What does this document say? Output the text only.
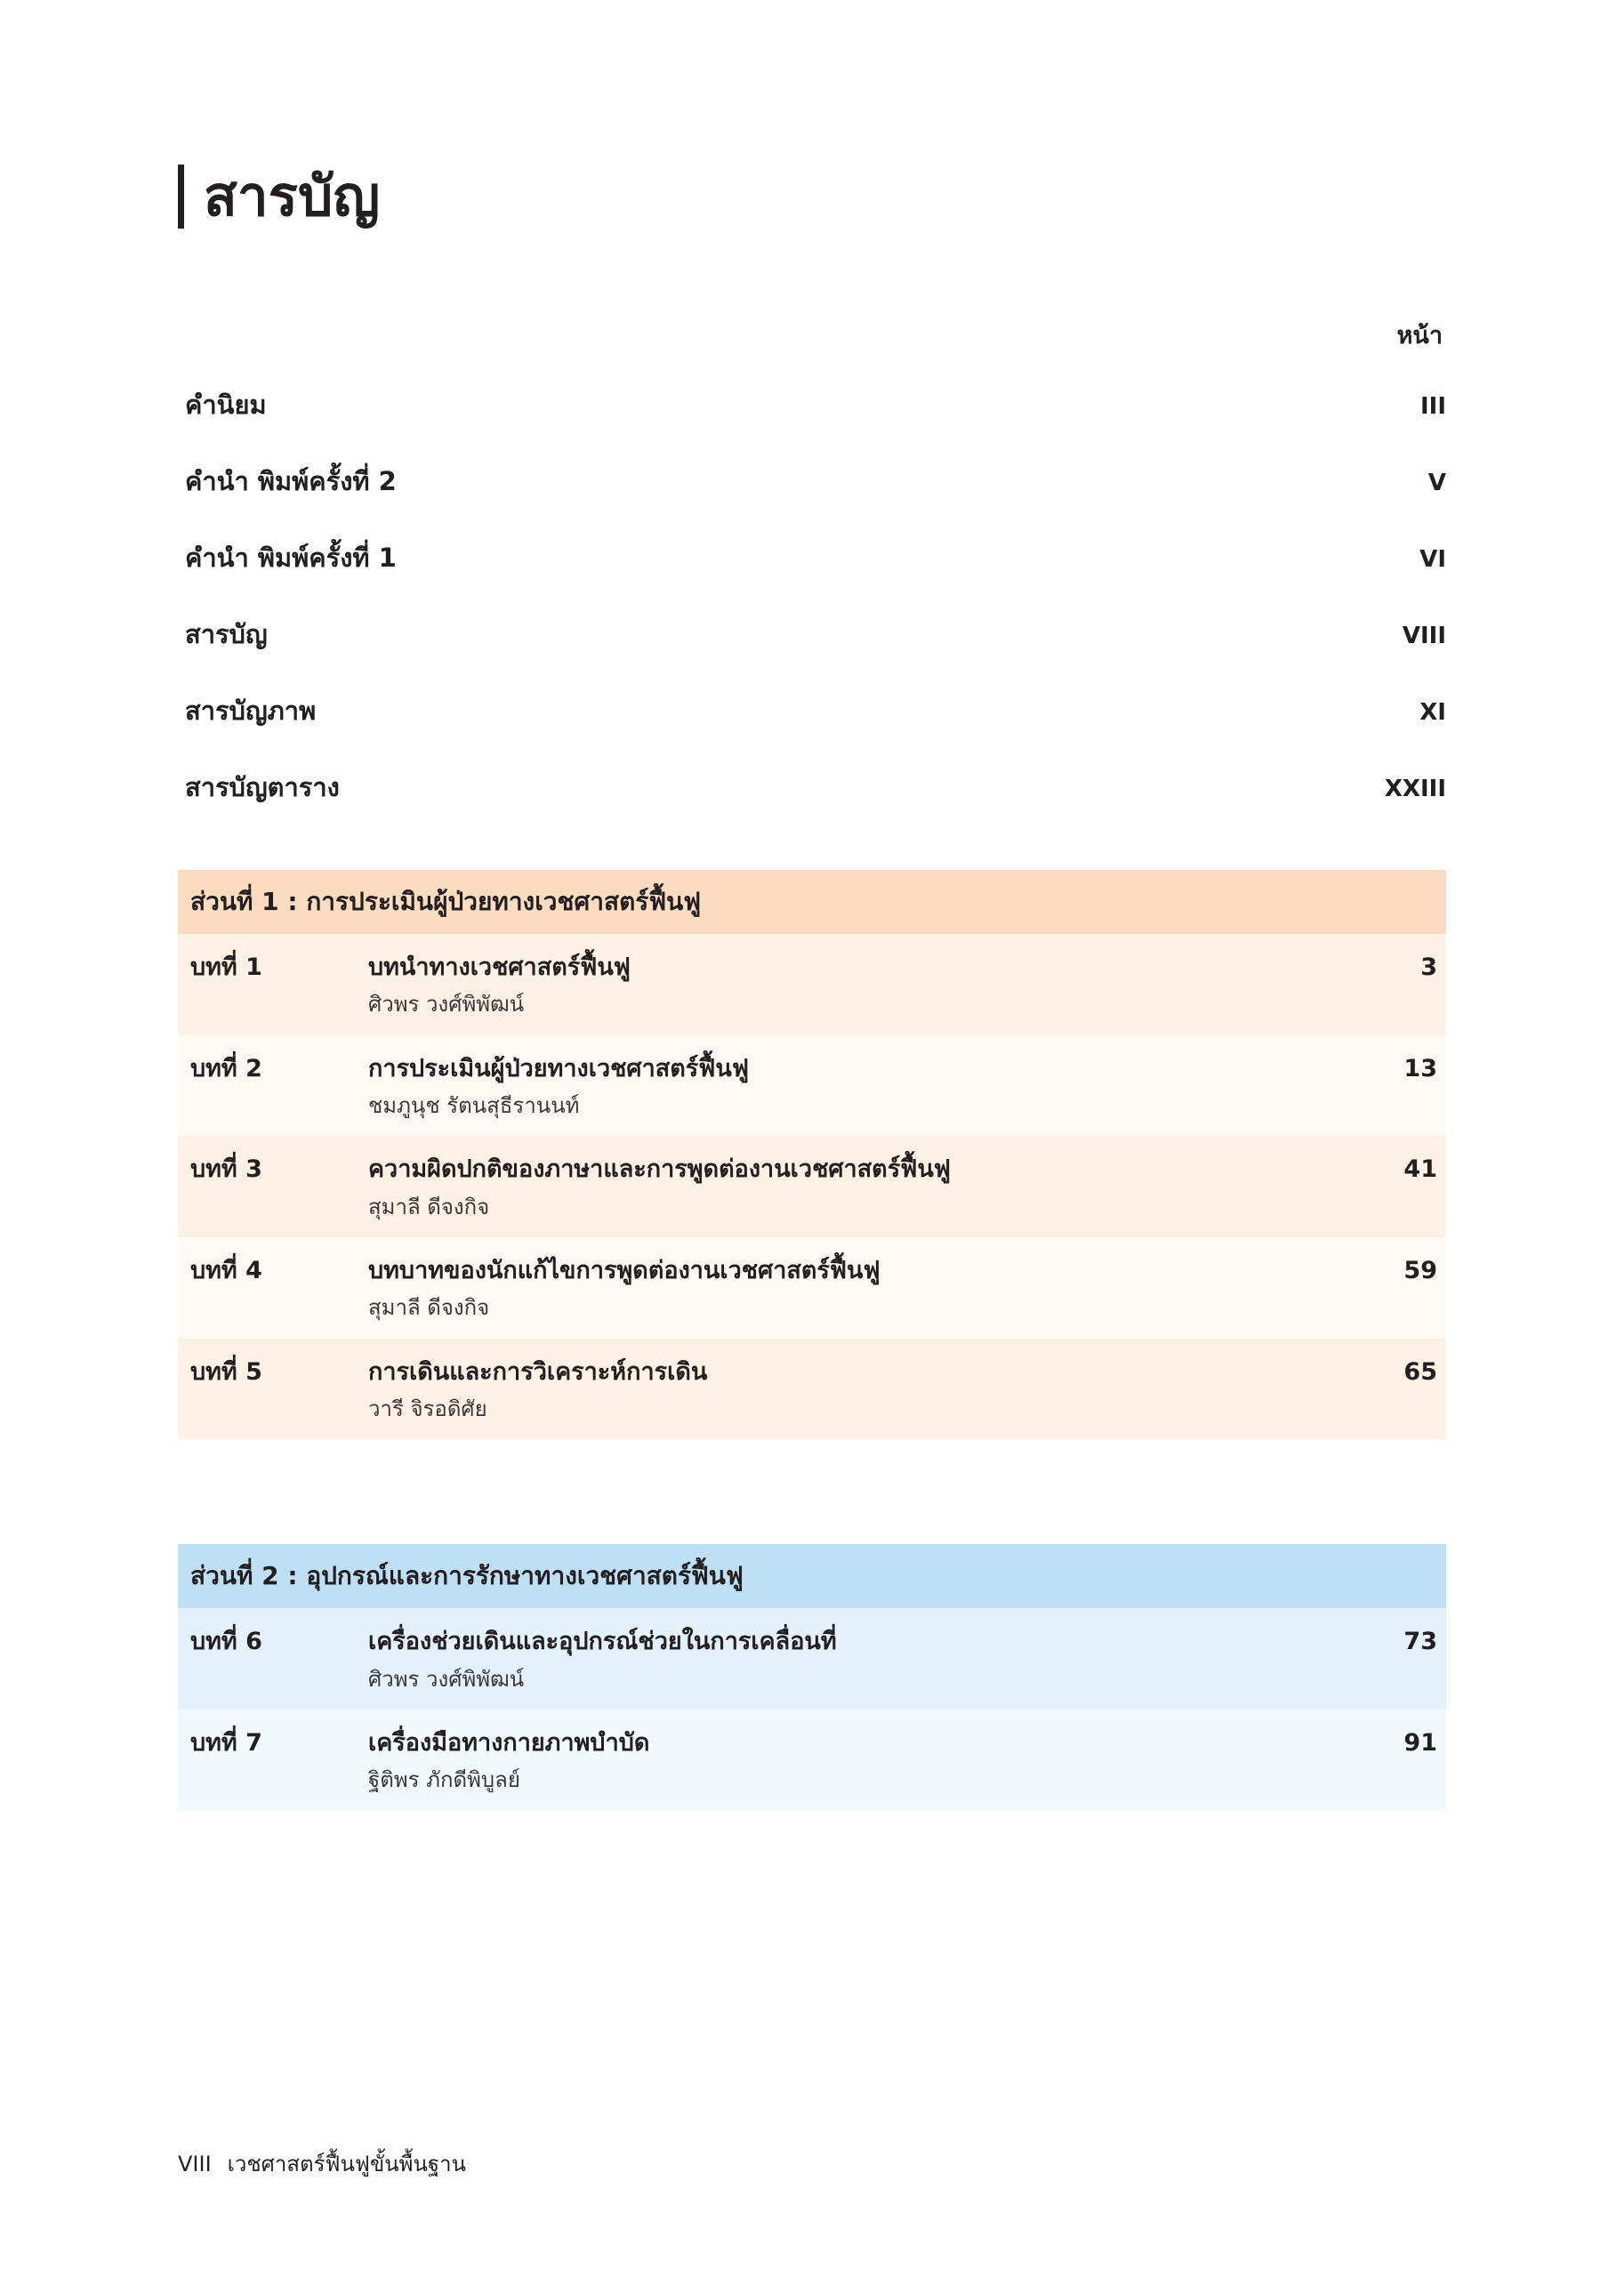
สารบัญ
หน้า
คำนิยม	III
คำนำ พิมพ์ครั้งที่ 2	V
คำนำ พิมพ์ครั้งที่ 1	VI
สารบัญ	VIII
สารบัญภาพ	XI
สารบัญตาราง	XXIII
ส่วนที่ 1 : การประเมินผู้ป่วยทางเวชศาสตร์ฟื้นฟู
บทที่ 1	บทนำทางเวชศาสตร์ฟื้นฟู
ศิวพร วงศ์พิพัฒน์
3
บทที่ 2	การประเมินผู้ป่วยทางเวชศาสตร์ฟื้นฟู
ชมภูนุช รัตนสุธีรานนท์
13
บทที่ 3	ความผิดปกติของภาษาและการพูดต่องานเวชศาสตร์ฟื้นฟู
สุมาลี ดีจงกิจ
41
บทที่ 4	บทบาทของนักแก้ไขการพูดต่องานเวชศาสตร์ฟื้นฟู
สุมาลี ดีจงกิจ
59
บทที่ 5	การเดินและการวิเคราะห์การเดิน
วารี จิรอดิศัย
65
ส่วนที่ 2 : อุปกรณ์และการรักษาทางเวชศาสตร์ฟื้นฟู
บทที่ 6	เครื่องช่วยเดินและอุปกรณ์ช่วยในการเคลื่อนที่
ศิวพร วงศ์พิพัฒน์
73
บทที่ 7	เครื่องมือทางกายภาพบำบัด
ฐิติพร ภักดีพิบูลย์
91
VIII เวชศาสตร์ฟื้นฟูขั้นพื้นฐาน
